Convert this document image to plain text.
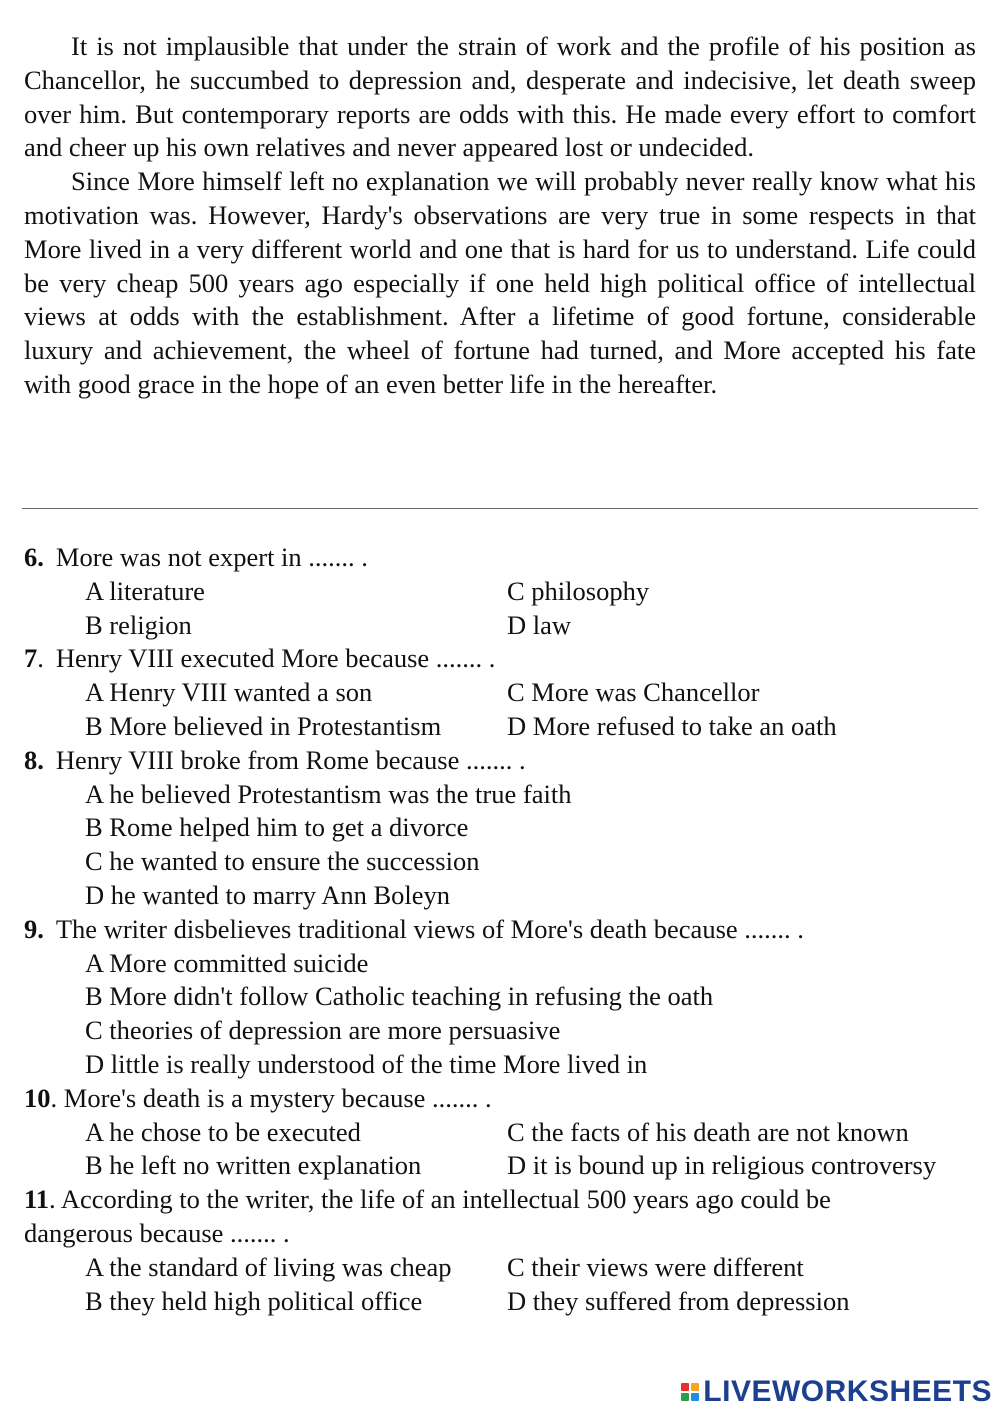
It is not implausible that under the strain of work and the profile of his position as Chancellor, he succumbed to depression and, desperate and indecisive, let death sweep over him. But contemporary reports are odds with this. He made every effort to comfort and cheer up his own relatives and never appeared lost or undecided.

Since More himself left no explanation we will probably never really know what his motivation was. However, Hardy's observations are very true in some respects in that More lived in a very different world and one that is hard for us to understand. Life could be very cheap 500 years ago especially if one held high political office of intellectual views at odds with the establishment. After a lifetime of good fortune, considerable luxury and achievement, the wheel of fortune had turned, and More accepted his fate with good grace in the hope of an even better life in the hereafter.

6. More was not expert in ....... .
A literature	C philosophy
B religion	D law
7. Henry VIII executed More because ....... .
A Henry VIII wanted a son	C More was Chancellor
B More believed in Protestantism D More refused to take an oath
8. Henry VIII broke from Rome because ....... .
A he believed Protestantism was the true faith
B Rome helped him to get a divorce
C he wanted to ensure the succession
D he wanted to marry Ann Boleyn
9. The writer disbelieves traditional views of More's death because ....... .
A More committed suicide
B More didn't follow Catholic teaching in refusing the oath
C theories of depression are more persuasive
D little is really understood of the time More lived in
10. More's death is a mystery because ....... .
A he chose to be executed	C the facts of his death are not known
B he left no written explanation	D it is bound up in religious controversy
11. According to the writer, the life of an intellectual 500 years ago could be dangerous because ....... .
A the standard of living was cheap C their views were different
B they held high political office	D they suffered from depression
LIVEWORKSHEETS
